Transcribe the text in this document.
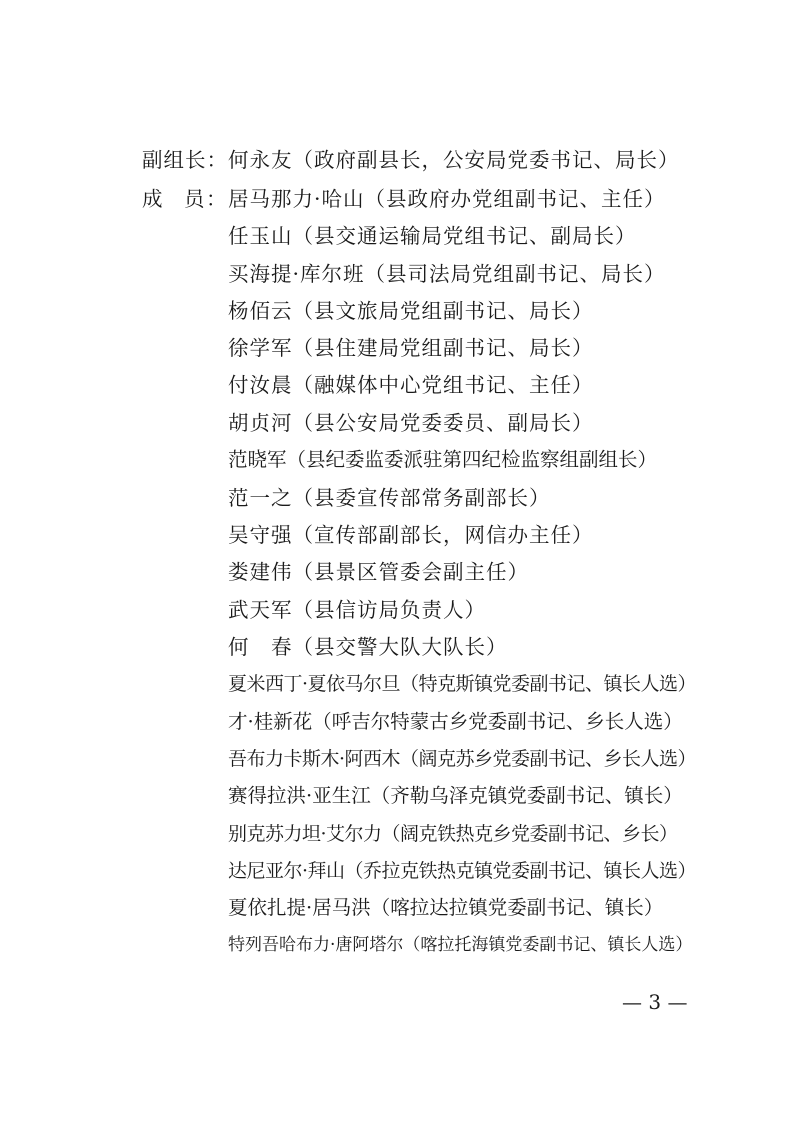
副组长：何永友（政府副县长，公安局党委书记、局长）
成 员： 居马那力·哈山（县政府办党组副书记、主任）
任玉山（县交通运输局党组书记、副局长）
买海提·库尔班（县司法局党组副书记、局长）
杨佰云（县文旅局党组副书记、局长）
徐学军（县住建局党组副书记、局长）
付汝晨（融媒体中心党组书记、主任）
胡贞河（县公安局党委委员、副局长）
范晓军（县纪委监委派驻第四纪检监察组副组长）
范一之（县委宣传部常务副部长）
吴守强（宣传部副部长，网信办主任）
娄建伟（县景区管委会副主任）
武天军（县信访局负责人）
何　春（县交警大队大队长）
夏米西丁·夏依马尔旦（特克斯镇党委副书记、镇长人选）
才·桂新花（呼吉尔特蒙古乡党委副书记、乡长人选）
吾布力卡斯木·阿西木（阔克苏乡党委副书记、乡长人选）
赛得拉洪·亚生江（齐勒乌泽克镇党委副书记、镇长）
别克苏力坦·艾尔力（阔克铁热克乡党委副书记、乡长）
达尼亚尔·拜山（乔拉克铁热克镇党委副书记、镇长人选）
夏依扎提·居马洪（喀拉达拉镇党委副书记、镇长）
特列吾哈布力·唐阿塔尔（喀拉托海镇党委副书记、镇长人选）
— 3 —
